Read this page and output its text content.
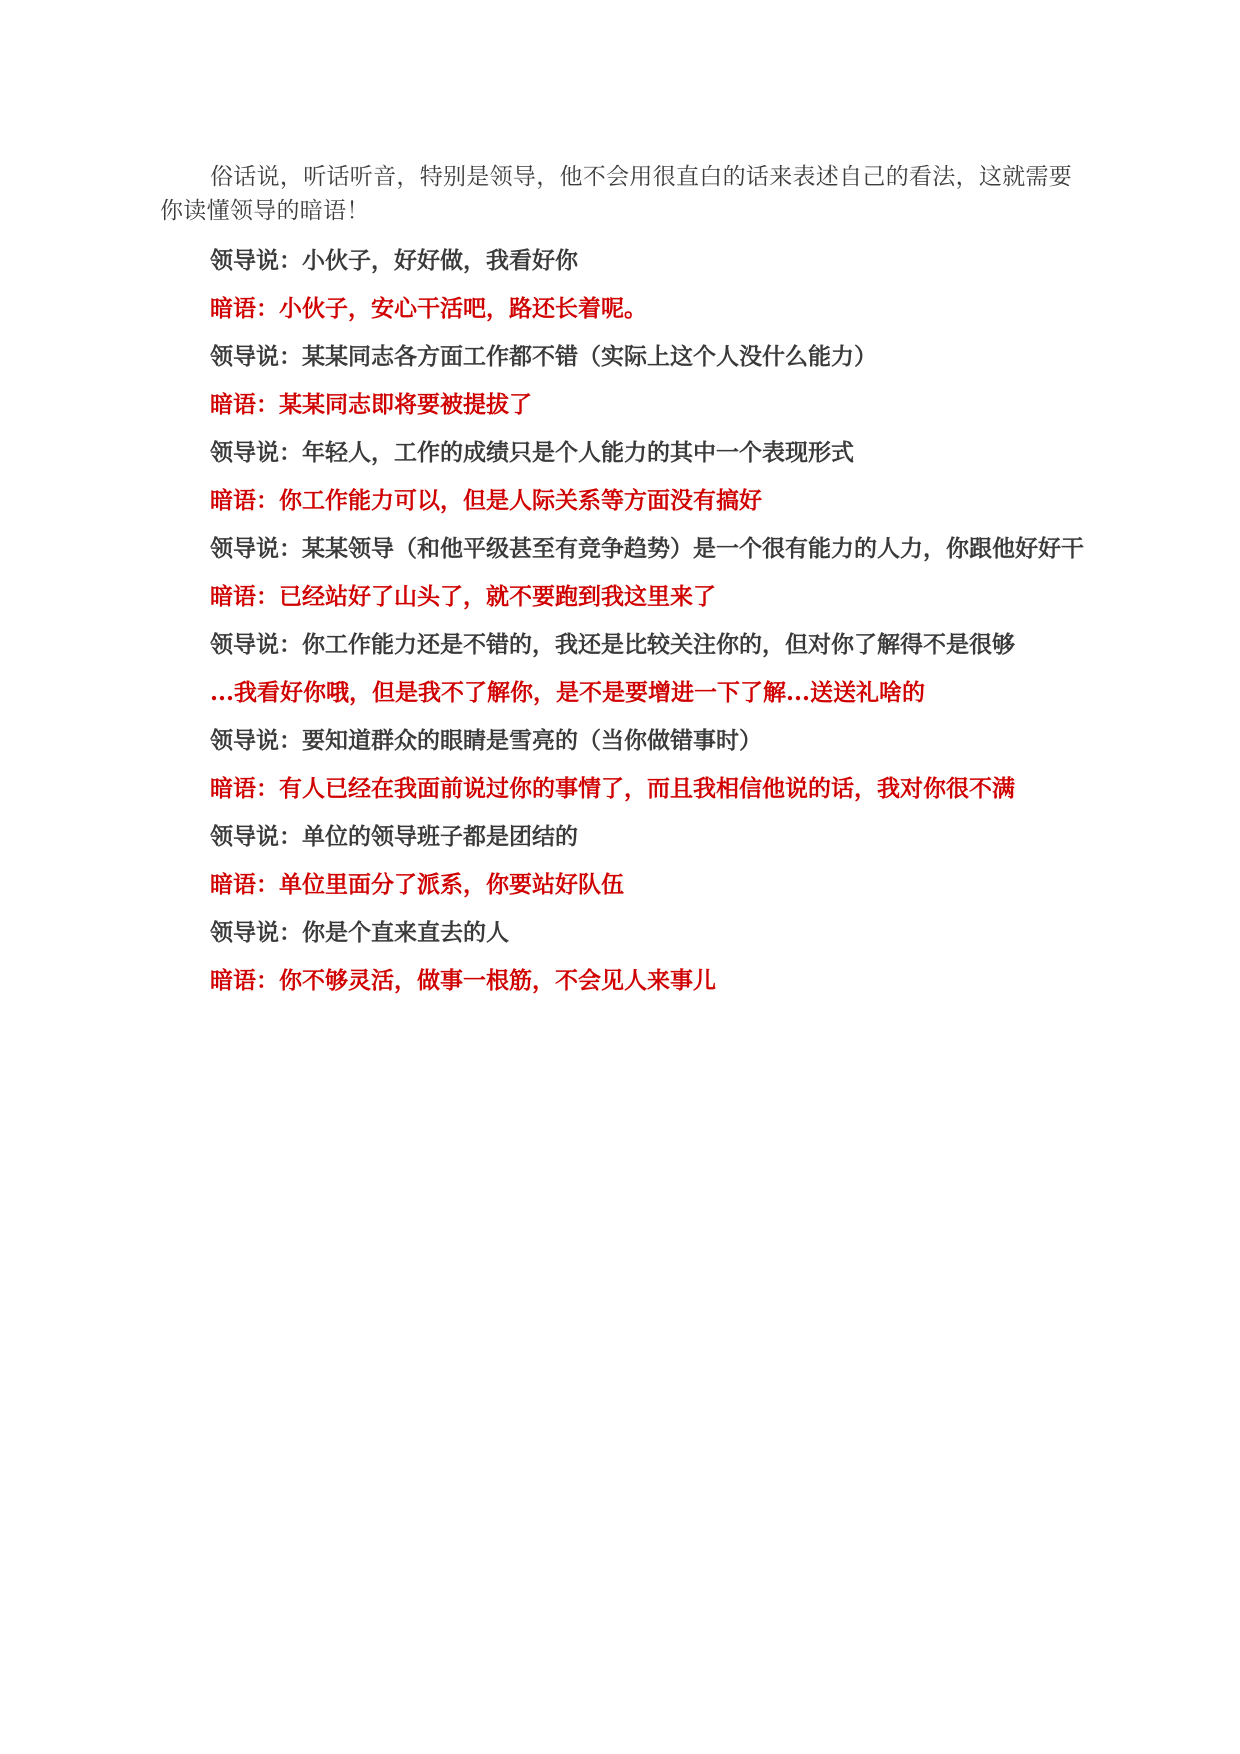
俗话说，听话听音，特别是领导，他不会用很直白的话来表述自己的看法，这就需要你读懂领导的暗语！

领导说：小伙子，好好做，我看好你

暗语：小伙子，安心干活吧，路还长着呢。

领导说：某某同志各方面工作都不错（实际上这个人没什么能力）

暗语：某某同志即将要被提拔了

领导说：年轻人，工作的成绩只是个人能力的其中一个表现形式

暗语：你工作能力可以，但是人际关系等方面没有搞好

领导说：某某领导（和他平级甚至有竞争趋势）是一个很有能力的人力，你跟他好好干

暗语：已经站好了山头了，就不要跑到我这里来了

领导说：你工作能力还是不错的，我还是比较关注你的，但对你了解得不是很够

...我看好你哦，但是我不了解你，是不是要增进一下了解...送送礼啥的

领导说：要知道群众的眼睛是雪亮的（当你做错事时）

暗语：有人已经在我面前说过你的事情了，而且我相信他说的话，我对你很不满

领导说：单位的领导班子都是团结的

暗语：单位里面分了派系，你要站好队伍

领导说：你是个直来直去的人

暗语：你不够灵活，做事一根筋，不会见人来事儿
